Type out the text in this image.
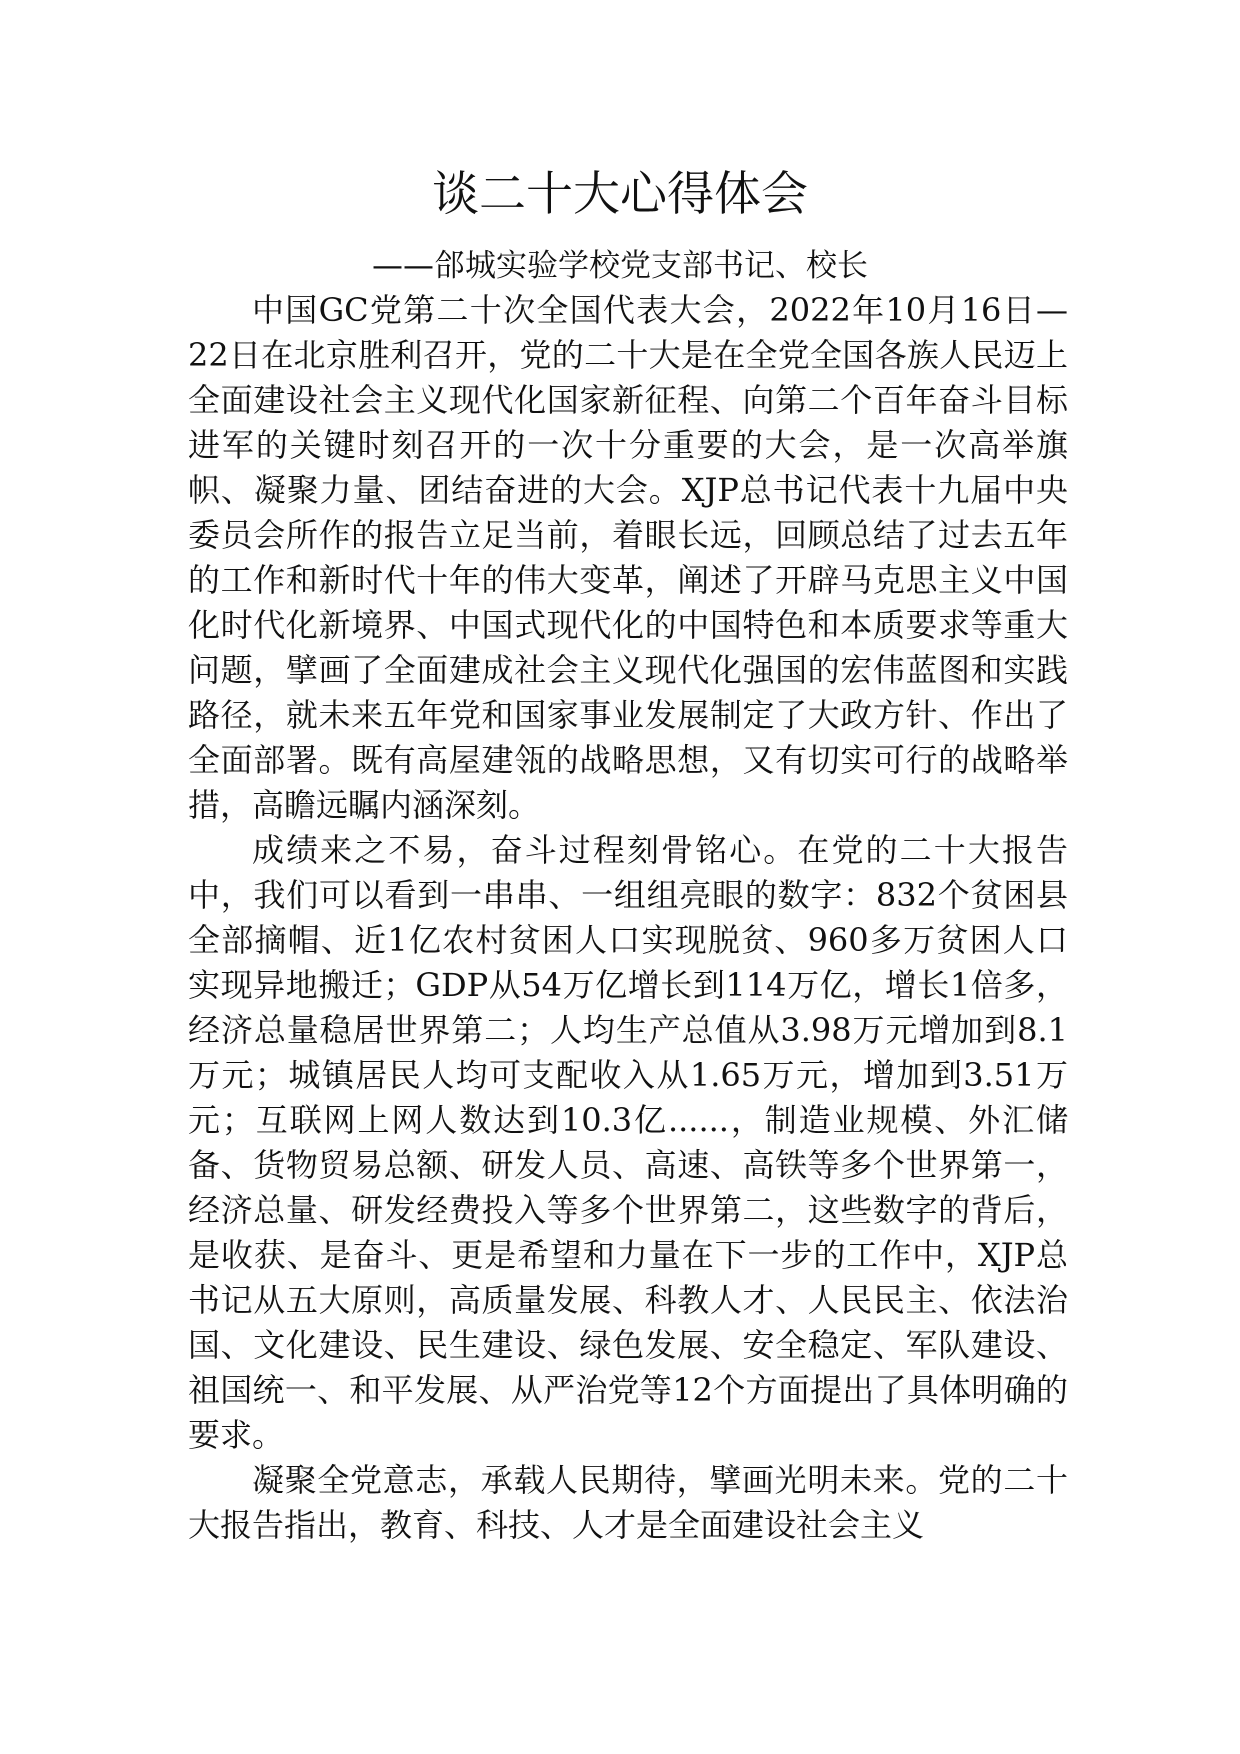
谈二十大心得体会
——郃城实验学校党支部书记、校长

中国GC党第二十次全国代表大会，2022年10月16日—22日在北京胜利召开，党的二十大是在全党全国各族人民迈上全面建设社会主义现代化国家新征程、向第二个百年奋斗目标进军的关键时刻召开的一次十分重要的大会，是一次高举旗帜、凝聚力量、团结奋进的大会。XJP总书记代表十九届中央委员会所作的报告立足当前，着眼长远，回顾总结了过去五年的工作和新时代十年的伟大变革，阐述了开辟马克思主义中国化时代化新境界、中国式现代化的中国特色和本质要求等重大问题，擘画了全面建成社会主义现代化强国的宏伟蓝图和实践路径，就未来五年党和国家事业发展制定了大政方针、作出了全面部署。既有高屋建瓴的战略思想，又有切实可行的战略举措，高瞻远瞩内涵深刻。

成绩来之不易，奋斗过程刻骨铭心。在党的二十大报告中，我们可以看到一串串、一组组亮眼的数字：832个贫困县全部摘帽、近1亿农村贫困人口实现脱贫、960多万贫困人口实现异地搬迁；GDP从54万亿增长到114万亿，增长1倍多，经济总量稳居世界第二；人均生产总值从3.98万元增加到8.1万元；城镇居民人均可支配收入从1.65万元，增加到3.51万元；互联网上网人数达到10.3亿......，制造业规模、外汇储备、货物贸易总额、研发人员、高速、高铁等多个世界第一，经济总量、研发经费投入等多个世界第二，这些数字的背后，是收获、是奋斗、更是希望和力量在下一步的工作中，XJP总书记从五大原则，高质量发展、科教人才、人民民主、依法治国、文化建设、民生建设、绿色发展、安全稳定、军队建设、祖国统一、和平发展、从严治党等12个方面提出了具体明确的要求。

凝聚全党意志，承载人民期待，擘画光明未来。党的二十大报告指出，教育、科技、人才是全面建设社会主义
